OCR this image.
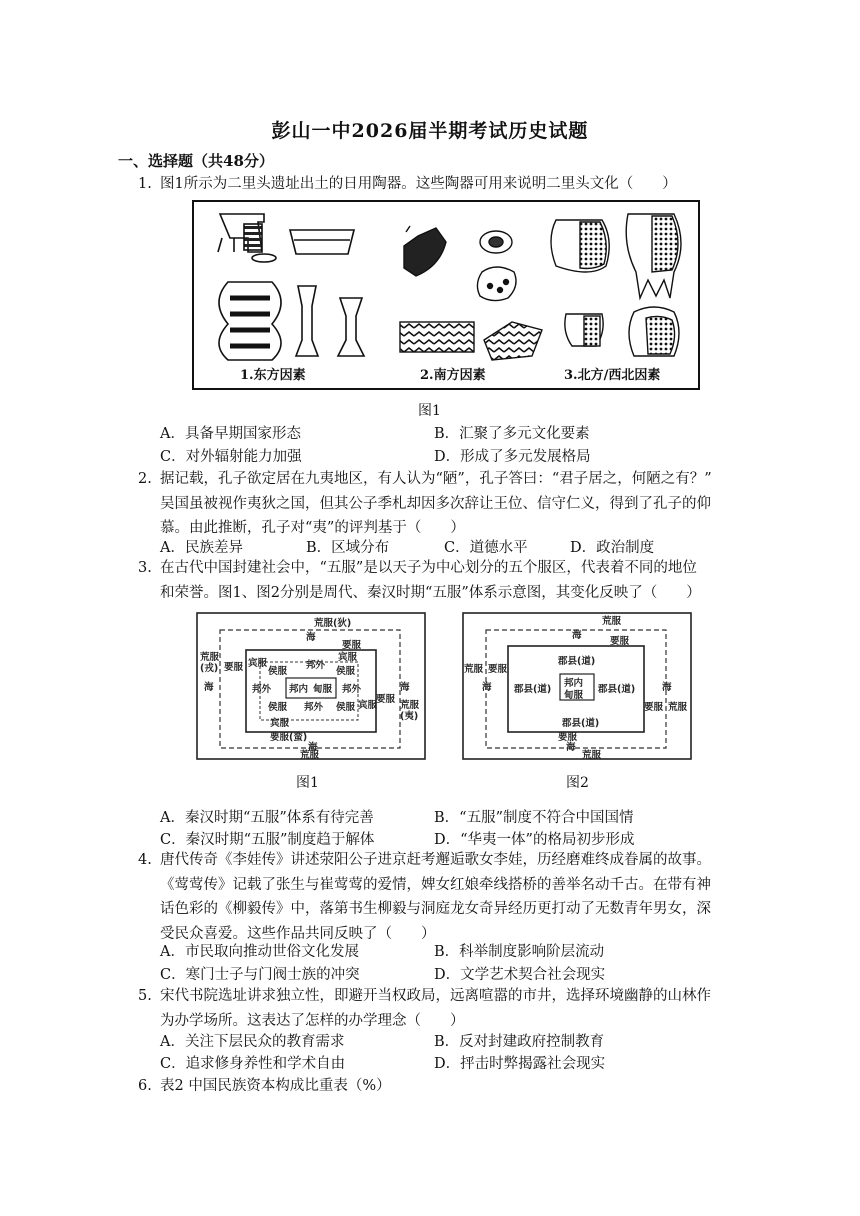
彭山一中2026届半期考试历史试题
一、选择题（共48分）
1. 图1所示为二里头遗址出土的日用陶器。这些陶器可用来说明二里头文化（　　）
1.东方因素	2.南方因素	3.北方/西北因素
图1
A．具备早期国家形态	B．汇聚了多元文化要素
C．对外辐射能力加强	D．形成了多元发展格局
2. 据记载，孔子欲定居在九夷地区，有人认为“陋”，孔子答曰：“君子居之，何陋之有？”
吴国虽被视作夷狄之国，但其公子季札却因多次辞让王位、信守仁义，得到了孔子的仰
慕。由此推断，孔子对“夷”的评判基于（　　）
A．民族差异	B．区域分布	C．道德水平	D．政治制度
3. 在古代中国封建社会中，“五服”是以天子为中心划分的五个服区，代表着不同的地位
和荣誉。图1、图2分别是周代、秦汉时期“五服”体系示意图，其变化反映了（　　）
荒服(狄)
海
要服
宾服
宾服
侯服
邦外
邦外 邦内 甸服 邦外
侯服
侯服 邦外 侯服 宾服
宾服
荒服(戎) 要服
海	海
要服
荒服(夷)
要服(蛮)
海
荒服
荒服
海
要服
郡县(道)
郡县(道)
邦内
甸服
郡县(道)
郡县(道)
荒服 要服
海	海
要服 荒服
要服
海
荒服
图1	图2
A．秦汉时期“五服”体系有待完善	B．“五服”制度不符合中国国情
C．秦汉时期“五服”制度趋于解体	D．“华夷一体”的格局初步形成
4. 唐代传奇《李娃传》讲述荥阳公子进京赶考邂逅歌女李娃，历经磨难终成眷属的故事。
《莺莺传》记载了张生与崔莺莺的爱情，婢女红娘牵线搭桥的善举名动千古。在带有神
话色彩的《柳毅传》中，落第书生柳毅与洞庭龙女奇异经历更打动了无数青年男女，深
受民众喜爱。这些作品共同反映了（　　）
A．市民取向推动世俗文化发展	B．科举制度影响阶层流动
C．寒门士子与门阀士族的冲突	D．文学艺术契合社会现实
5. 宋代书院选址讲求独立性，即避开当权政局，远离喧嚣的市井，选择环境幽静的山林作
为办学场所。这表达了怎样的办学理念（　　）
A．关注下层民众的教育需求	B．反对封建政府控制教育
C．追求修身养性和学术自由	D．抨击时弊揭露社会现实
6. 表2 中国民族资本构成比重表（%）
